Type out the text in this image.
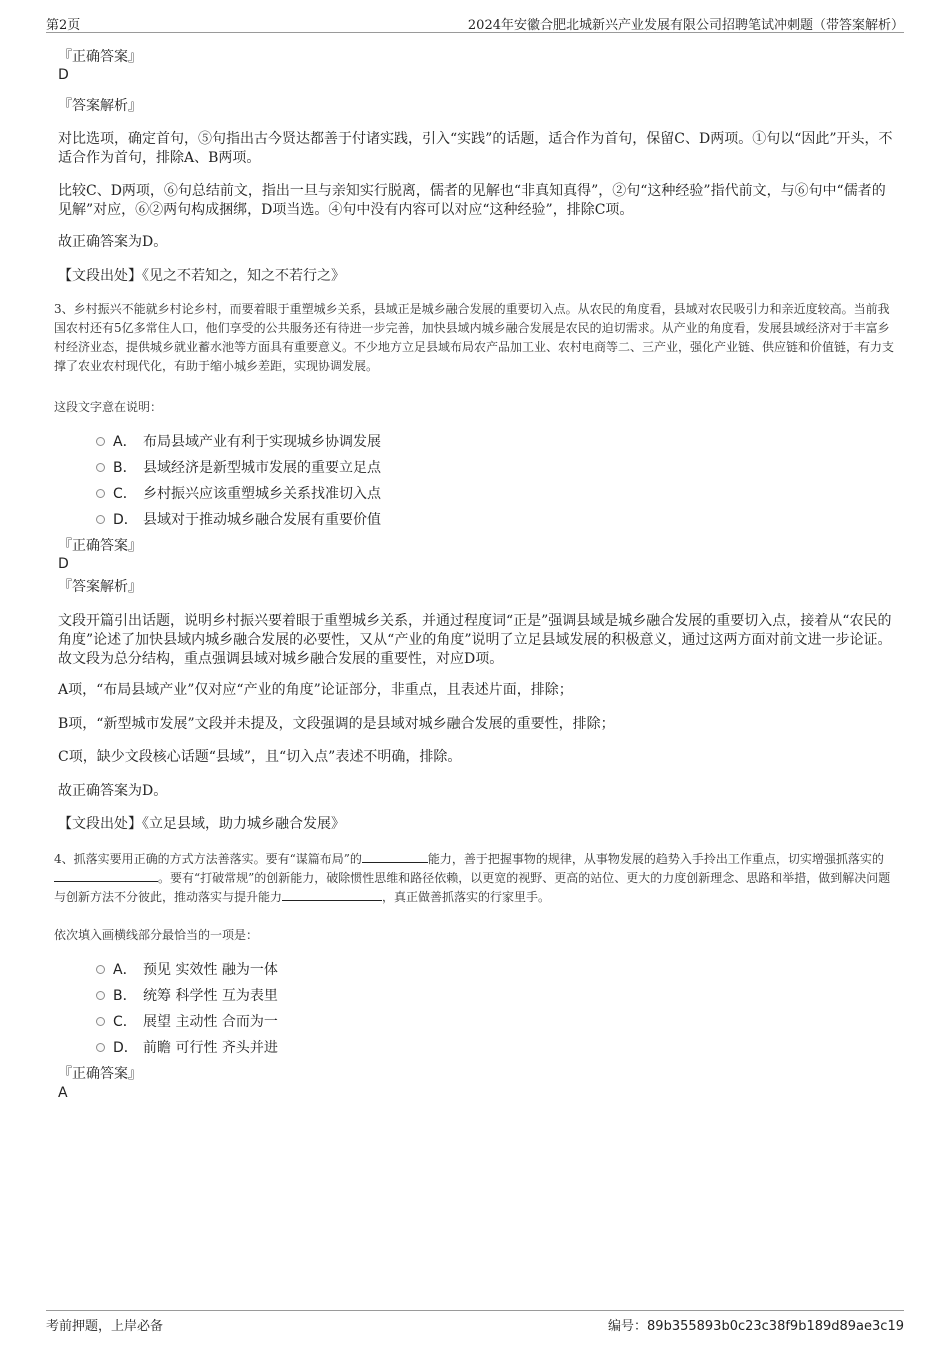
第2页	2024年安徽合肥北城新兴产业发展有限公司招聘笔试冲刺题（带答案解析）
『正确答案』
D
『答案解析』

对比选项，确定首句，⑤句指出古今贤达都善于付诸实践，引入“实践”的话题，适合作为首句，保留C、D两项。①句以“因此”开头，不适合作为首句，排除A、B两项。

比较C、D两项，⑥句总结前文，指出一旦与亲知实行脱离，儒者的见解也“非真知真得”，②句“这种经验”指代前文，与⑥句中“儒者的见解”对应，⑥②两句构成捆绑，D项当选。④句中没有内容可以对应“这种经验”，排除C项。

故正确答案为D。

【文段出处】《见之不若知之，知之不若行之》

3、乡村振兴不能就乡村论乡村，而要着眼于重塑城乡关系，县域正是城乡融合发展的重要切入点。从农民的角度看，县域对农民吸引力和亲近度较高。当前我国农村还有5亿多常住人口，他们享受的公共服务还有待进一步完善，加快县域内城乡融合发展是农民的迫切需求。从产业的角度看，发展县域经济对于丰富乡村经济业态，提供城乡就业蓄水池等方面具有重要意义。不少地方立足县域布局农产品加工业、农村电商等二、三产业，强化产业链、供应链和价值链，有力支撑了农业农村现代化，有助于缩小城乡差距，实现协调发展。

这段文字意在说明：

A． 布局县域产业有利于实现城乡协调发展
B． 县域经济是新型城市发展的重要立足点
C． 乡村振兴应该重塑城乡关系找准切入点
D． 县域对于推动城乡融合发展有重要价值
『正确答案』
D
『答案解析』

文段开篇引出话题，说明乡村振兴要着眼于重塑城乡关系，并通过程度词“正是”强调县域是城乡融合发展的重要切入点，接着从“农民的角度”论述了加快县域内城乡融合发展的必要性，又从“产业的角度”说明了立足县域发展的积极意义，通过这两方面对前文进一步论证。故文段为总分结构，重点强调县域对城乡融合发展的重要性，对应D项。

A项，“布局县域产业”仅对应“产业的角度”论证部分，非重点，且表述片面，排除；

B项，“新型城市发展”文段并未提及，文段强调的是县域对城乡融合发展的重要性，排除；

C项，缺少文段核心话题“县域”，且“切入点”表述不明确，排除。

故正确答案为D。

【文段出处】《立足县域，助力城乡融合发展》

4、抓落实要用正确的方式方法善落实。要有“谋篇布局”的	能力，善于把握事物的规律，从事物发展的趋势入手拎出工作重点，切实增强抓落实的。要有“打破常规”的创新能力，破除惯性思维和路径依赖，以更宽的视野、更高的站位、更大的力度创新理念、思路和举措，做到解决问题与创新方法不分彼此，推动落实与提升能力	，真正做善抓落实的行家里手。

依次填入画横线部分最恰当的一项是：

A． 预见 实效性 融为一体
B． 统筹 科学性 互为表里
C． 展望 主动性 合而为一
D． 前瞻 可行性 齐头并进
『正确答案』
A
考前押题，上岸必备	编号：89b355893b0c23c38f9b189d89ae3c19
